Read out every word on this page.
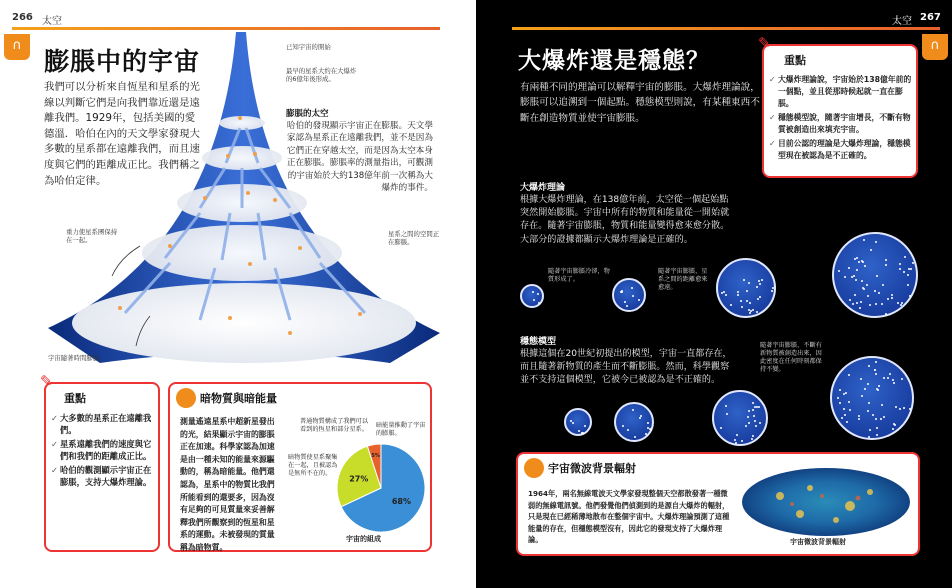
266 太空
∩
膨脹中的宇宙
我們可以分析來自恆星和星系的光線以判斷它們是向我們靠近還是遠離我們。1929年，包括美國的愛德溫．哈伯在內的天文學家發現大多數的星系都在遠離我們，而且速度與它們的距離成正比。我們稱之為哈伯定律。
已知宇宙的開始
最早的星系大約在大爆炸的6億年後形成。
重力使星系團保持在一起。
星系之間的空間正在膨脹。
宇宙隨著時間膨脹。
膨脹的太空
哈伯的發現顯示宇宙正在膨脹。天文學家認為星系正在遠離我們，並不是因為它們正在穿越太空，而是因為太空本身正在膨脹。膨脹率的測量指出，可觀測的宇宙始於大約138億年前一次稱為大爆炸的事件。
✎
重點
✓ 大多數的星系正在遠離我們。
✓ 星系遠離我們的速度與它們和我們的距離成正比。
✓ 哈伯的觀測顯示宇宙正在膨脹，支持大爆炸理論。
暗物質與暗能量
測量遙遠星系中超新星發出的光，結果顯示宇宙的膨脹正在加速。科學家認為加速是由一種未知的能量來源驅動的，稱為暗能量。他們還認為，星系中的物質比我們所能看到的還要多，因為沒有足夠的可見質量來妥善解釋我們所觀察到的恆星和星系的運動。未被發現的質量稱為暗物質。
普通物質構成了我們可以看到的恆星和部分星系。
暗能量推動了宇宙的膨脹。
暗物質使星系聚集在一起，且被認為是無所不在的。
68%
27%
5%
宇宙的組成
太空 267
∩
大爆炸還是穩態？
有兩種不同的理論可以解釋宇宙的膨脹。大爆炸理論說，膨脹可以追溯到一個起點。穩態模型則說，有某種東西不斷在創造物質並使宇宙膨脹。
✎
重點
✓ 大爆炸理論說，宇宙始於138億年前的一個點，並且從那時候起就一直在膨脹。
✓ 穩態模型說，隨著宇宙增長，不斷有物質被創造出來填充宇宙。
✓ 目前公認的理論是大爆炸理論，穩態模型現在被認為是不正確的。
大爆炸理論
根據大爆炸理論，在138億年前，太空從一個起始點突然開始膨脹。宇宙中所有的物質和能量從一開始就存在。隨著宇宙膨脹，物質和能量變得愈來愈分散。大部分的證據都顯示大爆炸理論是正確的。
隨著宇宙膨脹冷卻，物質形成了。
隨著宇宙膨脹，星系之間的距離愈來愈遠。
穩態模型
根據這個在20世紀初提出的模型，宇宙一直都存在，而且隨著新物質的產生而不斷膨脹。然而，科學觀察並不支持這個模型，它被今已被認為是不正確的。
隨著宇宙膨脹，不斷有新物質被創造出來，因此密度在任何時刻都保持不變。
宇宙微波背景輻射
1964年，兩名無線電波天文學家發現整個天空都散發著一種微弱的無線電訊號。他們發覺他們偵測到的是源自大爆炸的輻射，只是現在已經稀薄地散布在整個宇宙中。大爆炸理論預測了這種能量的存在，但穩態模型沒有，因此它的發現支持了大爆炸理論。	宇宙微波背景輻射
